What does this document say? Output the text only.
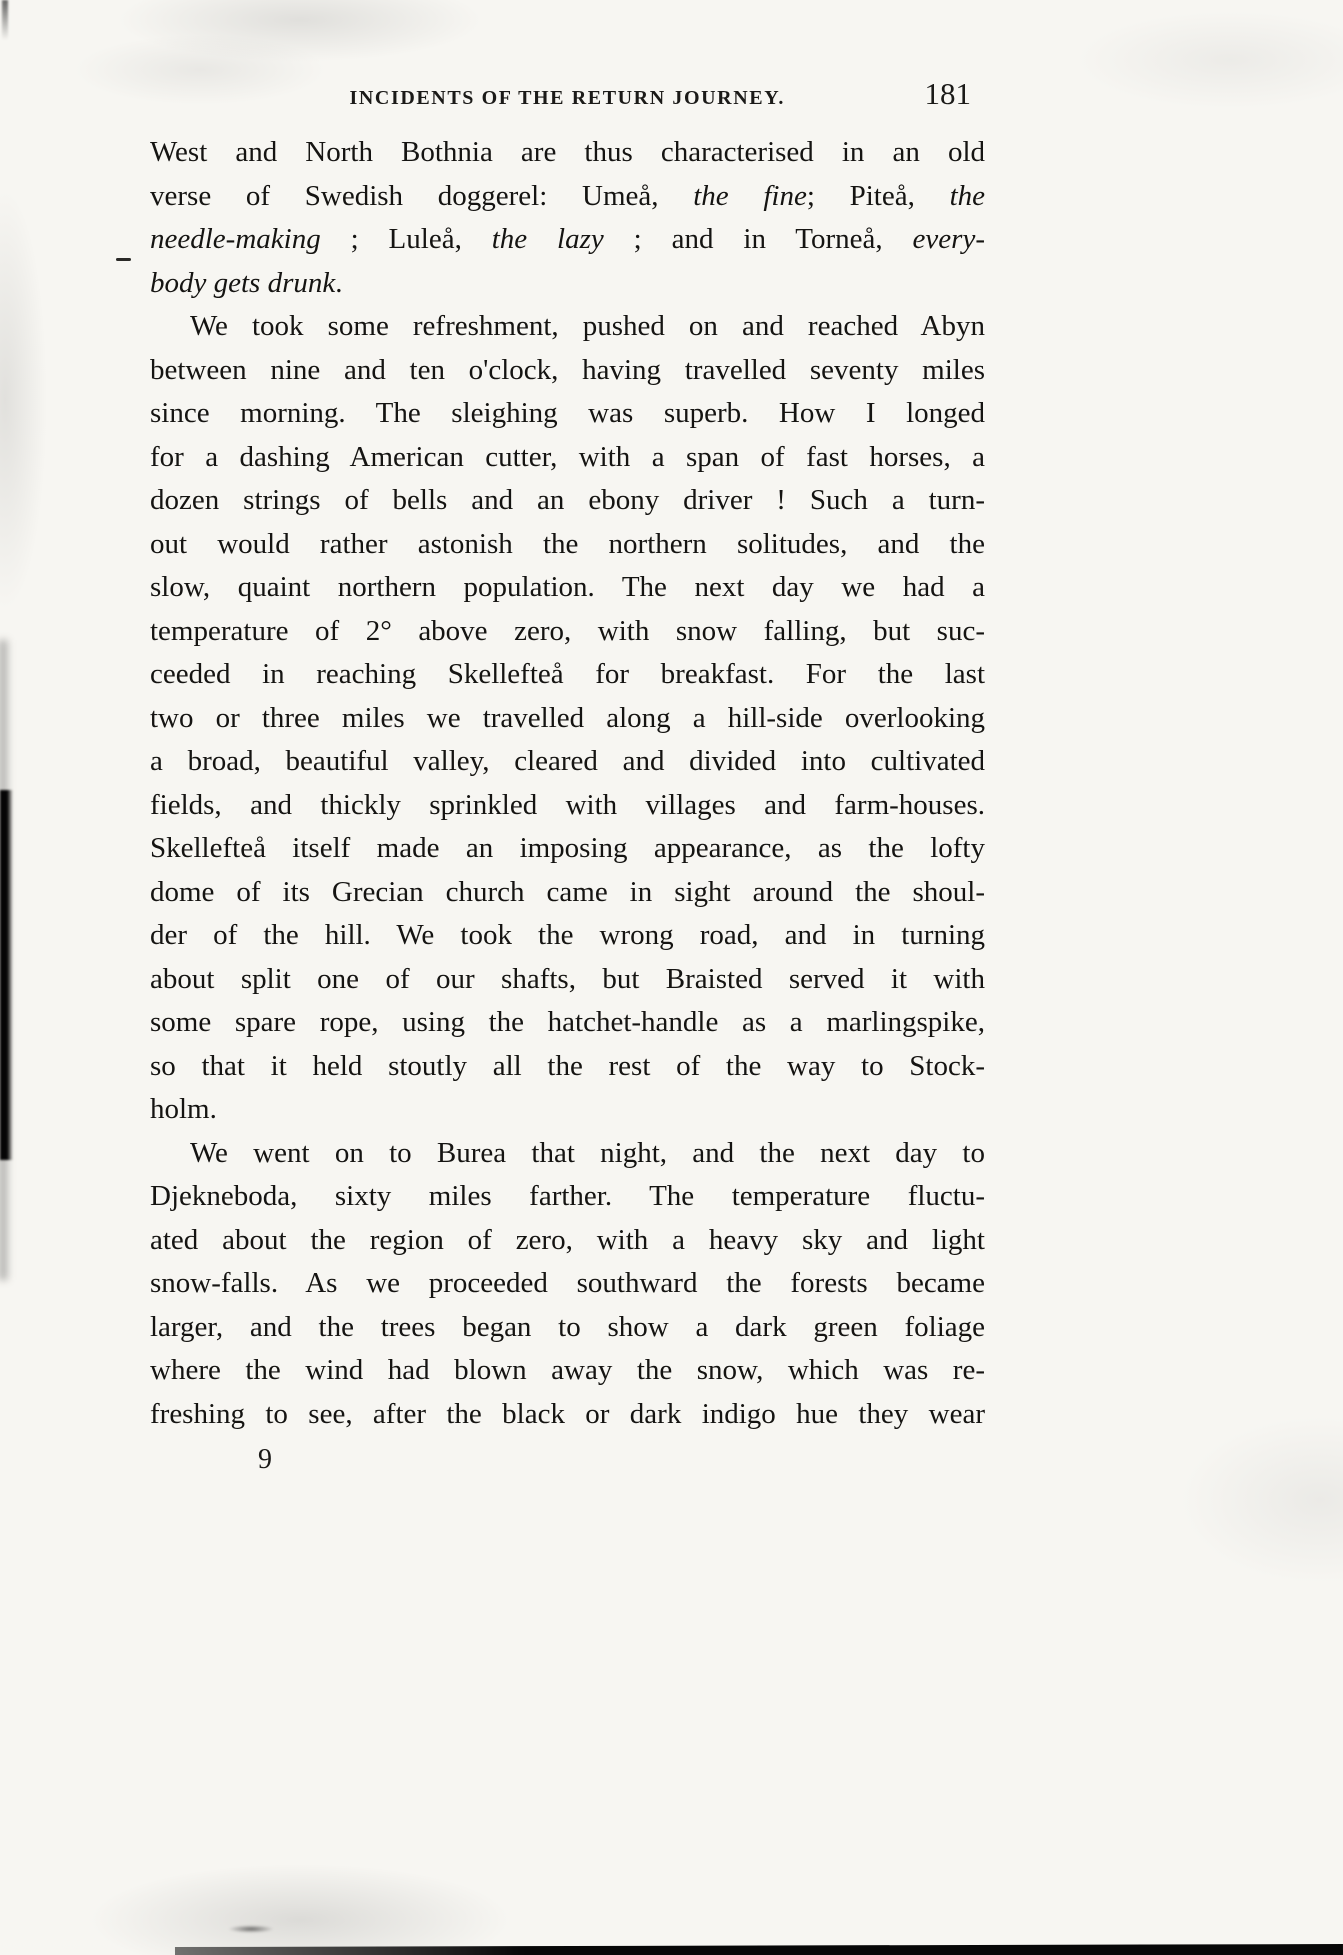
INCIDENTS OF THE RETURN JOURNEY.	181
West and North Bothnia are thus characterised in an old
verse of Swedish doggerel: Umeå, the fine; Piteå, the
needle-making ; Luleå, the lazy ; and in Torneå, every-
body gets drunk.
We took some refreshment, pushed on and reached Abyn
between nine and ten o'clock, having travelled seventy miles
since morning. The sleighing was superb. How I longed
for a dashing American cutter, with a span of fast horses, a
dozen strings of bells and an ebony driver ! Such a turn-
out would rather astonish the northern solitudes, and the
slow, quaint northern population. The next day we had a
temperature of 2° above zero, with snow falling, but suc-
ceeded in reaching Skellefteå for breakfast. For the last
two or three miles we travelled along a hill-side overlooking
a broad, beautiful valley, cleared and divided into cultivated
fields, and thickly sprinkled with villages and farm-houses.
Skellefteå itself made an imposing appearance, as the lofty
dome of its Grecian church came in sight around the shoul-
der of the hill. We took the wrong road, and in turning
about split one of our shafts, but Braisted served it with
some spare rope, using the hatchet-handle as a marlingspike,
so that it held stoutly all the rest of the way to Stock-
holm.
We went on to Burea that night, and the next day to
Djekneboda, sixty miles farther. The temperature fluctu-
ated about the region of zero, with a heavy sky and light
snow-falls. As we proceeded southward the forests became
larger, and the trees began to show a dark green foliage
where the wind had blown away the snow, which was re-
freshing to see, after the black or dark indigo hue they wear
9
